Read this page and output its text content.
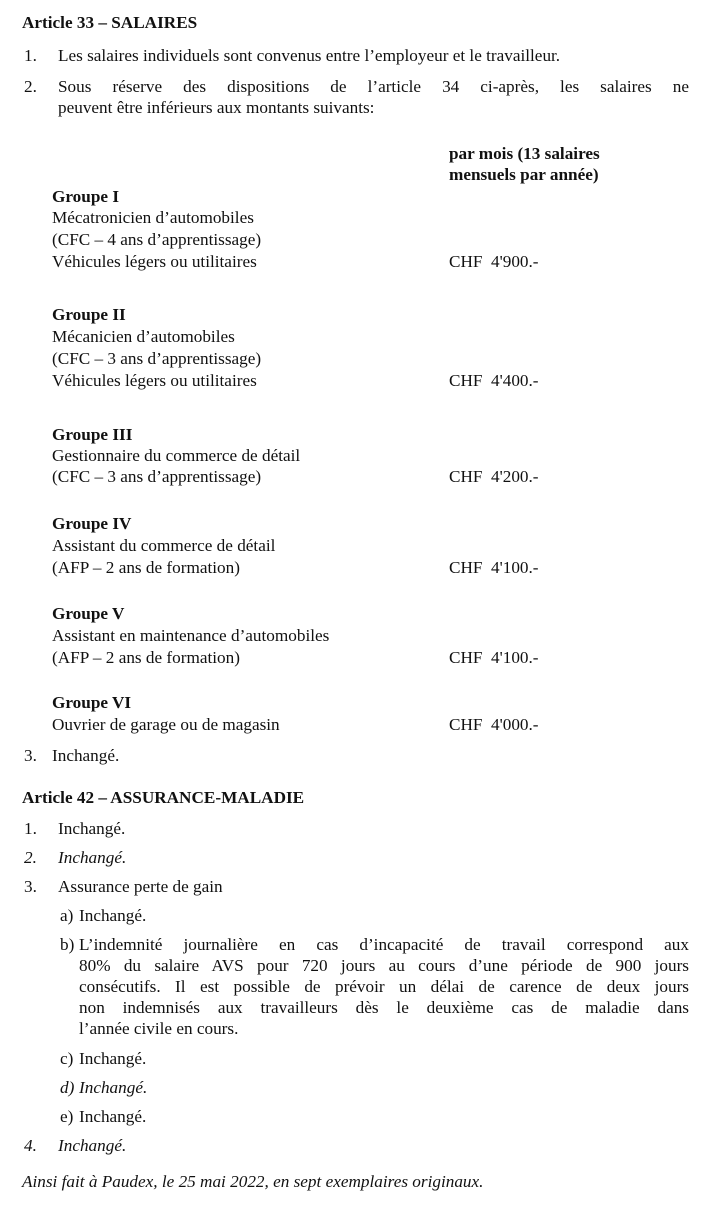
Article 33 – SALAIRES
1. Les salaires individuels sont convenus entre l’employeur et le travailleur.
2. Sous réserve des dispositions de l’article 34 ci-après, les salaires ne
peuvent être inférieurs aux montants suivants:
par mois (13 salaires
mensuels par année)
Groupe I
Mécatronicien d’automobiles
(CFC – 4 ans d’apprentissage)
Véhicules légers ou utilitaires	CHF  4'900.-
Groupe II
Mécanicien d’automobiles
(CFC – 3 ans d’apprentissage)
Véhicules légers ou utilitaires	CHF  4'400.-
Groupe III
Gestionnaire du commerce de détail
(CFC – 3 ans d’apprentissage)	CHF  4'200.-
Groupe IV
Assistant du commerce de détail
(AFP – 2 ans de formation)	CHF  4'100.-
Groupe V
Assistant en maintenance d’automobiles
(AFP – 2 ans de formation)	CHF  4'100.-
Groupe VI
Ouvrier de garage ou de magasin	CHF  4'000.-
3. Inchangé.
Article 42 – ASSURANCE-MALADIE
1. Inchangé.
2. Inchangé.
3. Assurance perte de gain
a) Inchangé.
b) L’indemnité journalière en cas d’incapacité de travail correspond aux
80% du salaire AVS pour 720 jours au cours d’une période de 900 jours
consécutifs. Il est possible de prévoir un délai de carence de deux jours
non indemnisés aux travailleurs dès le deuxième cas de maladie dans
l’année civile en cours.
c) Inchangé.
d) Inchangé.
e) Inchangé.
4. Inchangé.
Ainsi fait à Paudex, le 25 mai 2022, en sept exemplaires originaux.
